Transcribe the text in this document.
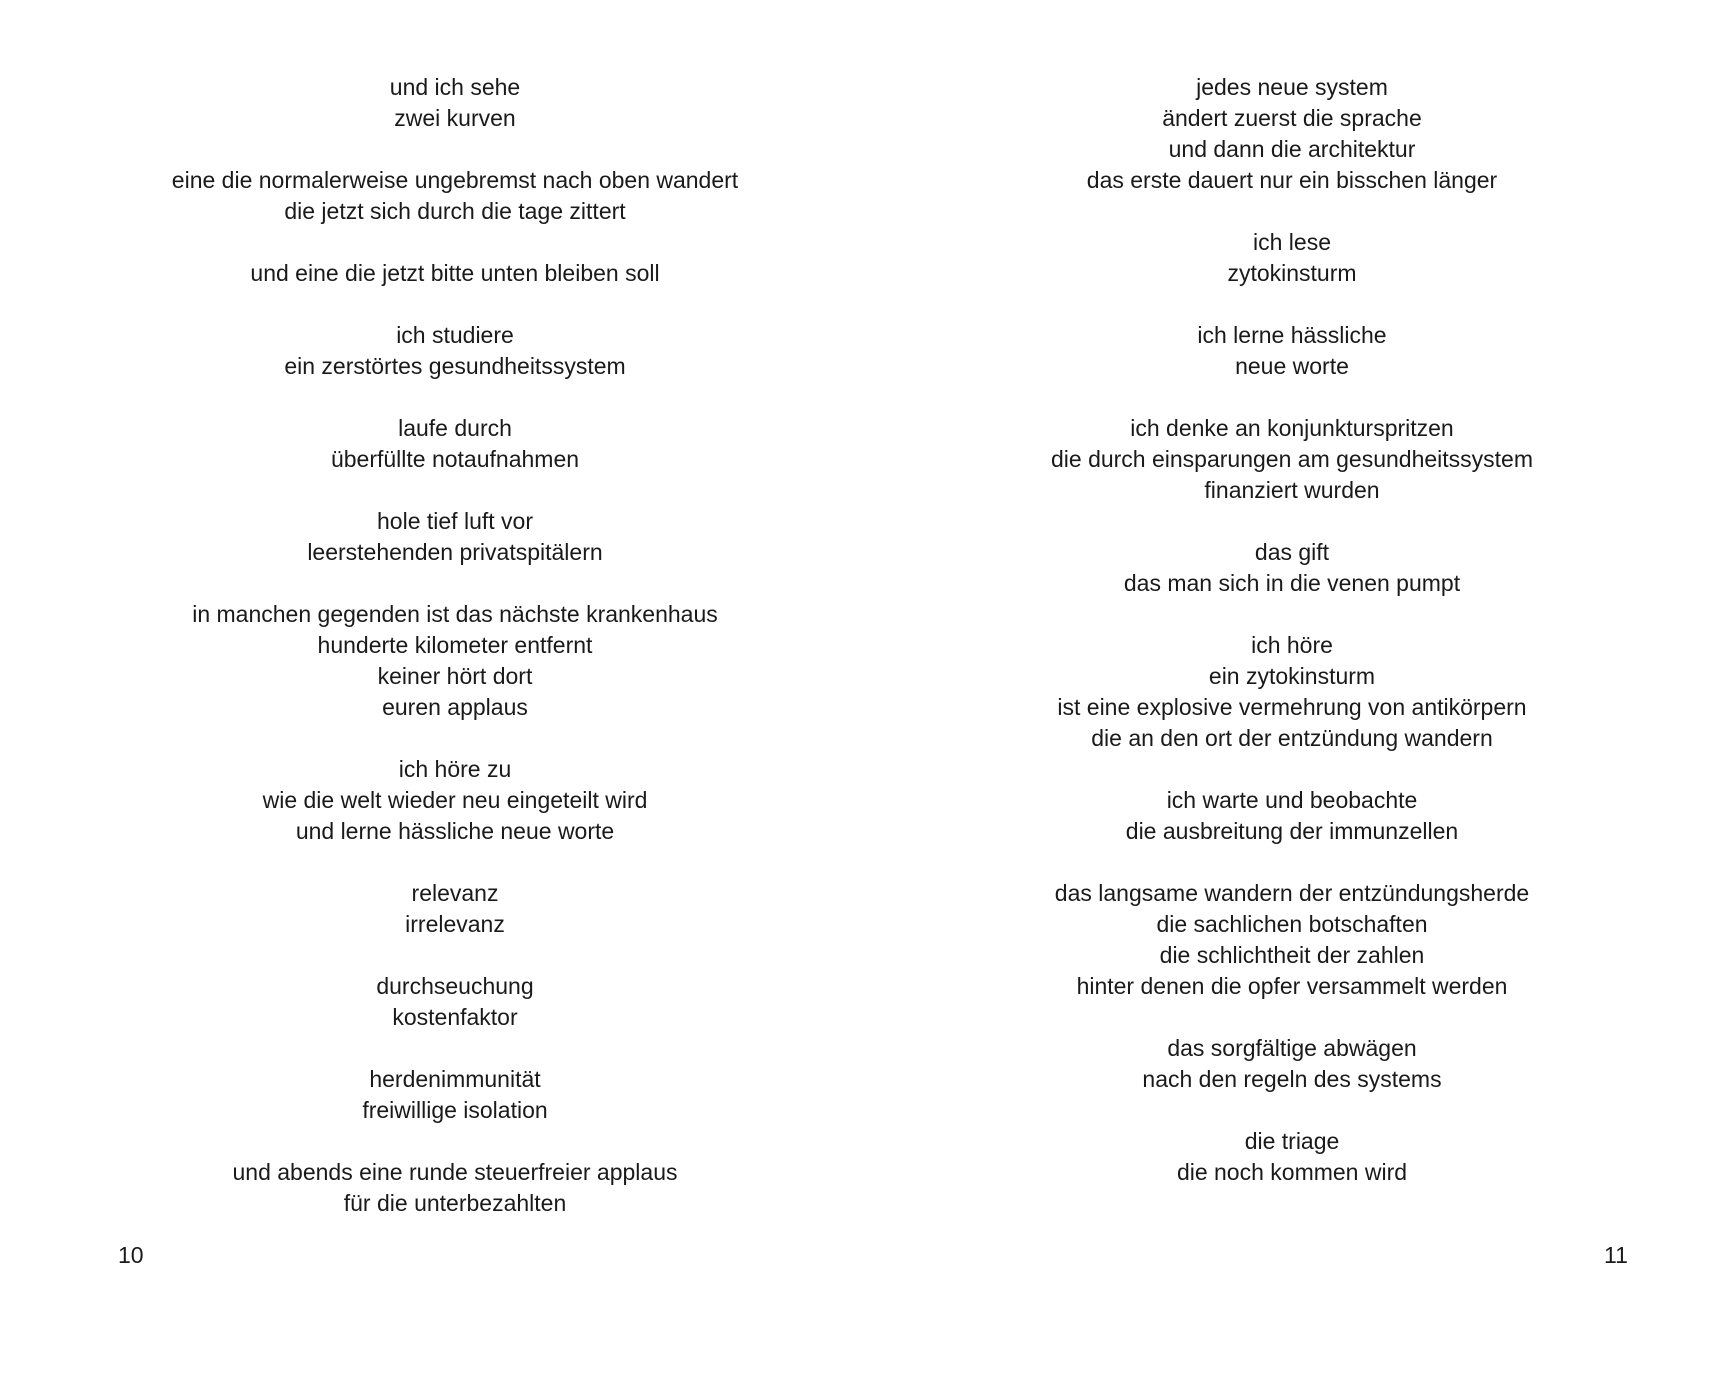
und ich sehe
zwei kurven
eine die normalerweise ungebremst nach oben wandert
die jetzt sich durch die tage zittert
und eine die jetzt bitte unten bleiben soll
ich studiere
ein zerstörtes gesundheitssystem
laufe durch
überfüllte notaufnahmen
hole tief luft vor
leerstehenden privatspitälern
in manchen gegenden ist das nächste krankenhaus
hunderte kilometer entfernt
keiner hört dort
euren applaus
ich höre zu
wie die welt wieder neu eingeteilt wird
und lerne hässliche neue worte
relevanz
irrelevanz
durchseuchung
kostenfaktor
herdenimmunität
freiwillige isolation
und abends eine runde steuerfreier applaus
für die unterbezahlten
10
jedes neue system
ändert zuerst die sprache
und dann die architektur
das erste dauert nur ein bisschen länger
ich lese
zytokinsturm
ich lerne hässliche
neue worte
ich denke an konjunkturspritzen
die durch einsparungen am gesundheitssystem
finanziert wurden
das gift
das man sich in die venen pumpt
ich höre
ein zytokinsturm
ist eine explosive vermehrung von antikörpern
die an den ort der entzündung wandern
ich warte und beobachte
die ausbreitung der immunzellen
das langsame wandern der entzündungsherde
die sachlichen botschaften
die schlichtheit der zahlen
hinter denen die opfer versammelt werden
das sorgfältige abwägen
nach den regeln des systems
die triage
die noch kommen wird
11
